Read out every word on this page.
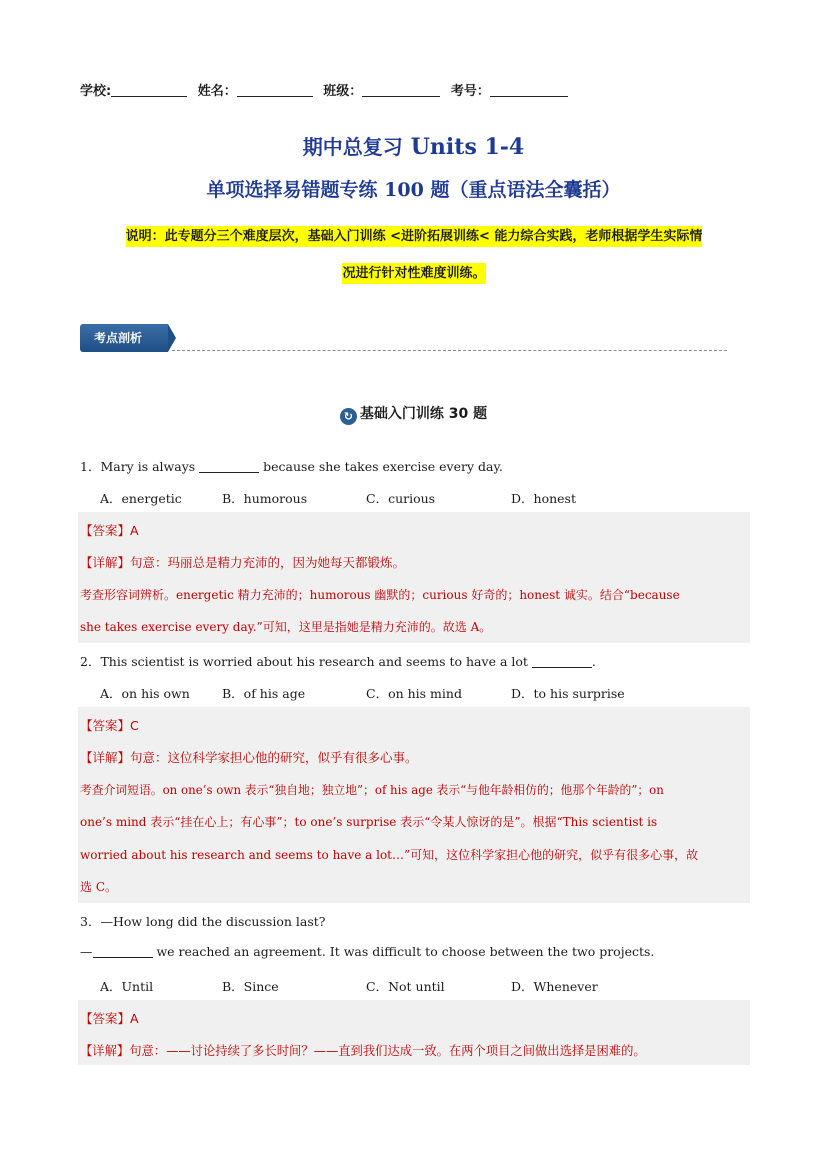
学校:	姓名：	班级：	考号：
期中总复习 Units 1-4
单项选择易错题专练 100 题（重点语法全囊括）
说明：此专题分三个难度层次，基础入门训练 <进阶拓展训练< 能力综合实践，老师根据学生实际情
况进行针对性难度训练。
考点剖析
↻ 基础入门训练 30 题
1．Mary is always	because she takes exercise every day.
A．energetic	B．humorous	C．curious	D．honest
【答案】A
【详解】句意：玛丽总是精力充沛的，因为她每天都锻炼。
考查形容词辨析。energetic 精力充沛的；humorous 幽默的；curious 好奇的；honest 诚实。结合“because
she takes exercise every day.”可知，这里是指她是精力充沛的。故选 A。
2．This scientist is worried about his research and seems to have a lot	.
A．on his own	B．of his age	C．on his mind	D．to his surprise
【答案】C
【详解】句意：这位科学家担心他的研究，似乎有很多心事。
考查介词短语。on one’s own 表示“独自地；独立地”；of his age 表示“与他年龄相仿的；他那个年龄的”；on
one’s mind 表示“挂在心上；有心事”；to one’s surprise 表示“令某人惊讶的是”。根据“This scientist is
worried about his research and seems to have a lot…”可知，这位科学家担心他的研究，似乎有很多心事，故
选 C。
3．—How long did the discussion last?
—	we reached an agreement. It was difficult to choose between the two projects.
A．Until	B．Since	C．Not until	D．Whenever
【答案】A
【详解】句意：——讨论持续了多长时间？——直到我们达成一致。在两个项目之间做出选择是困难的。
